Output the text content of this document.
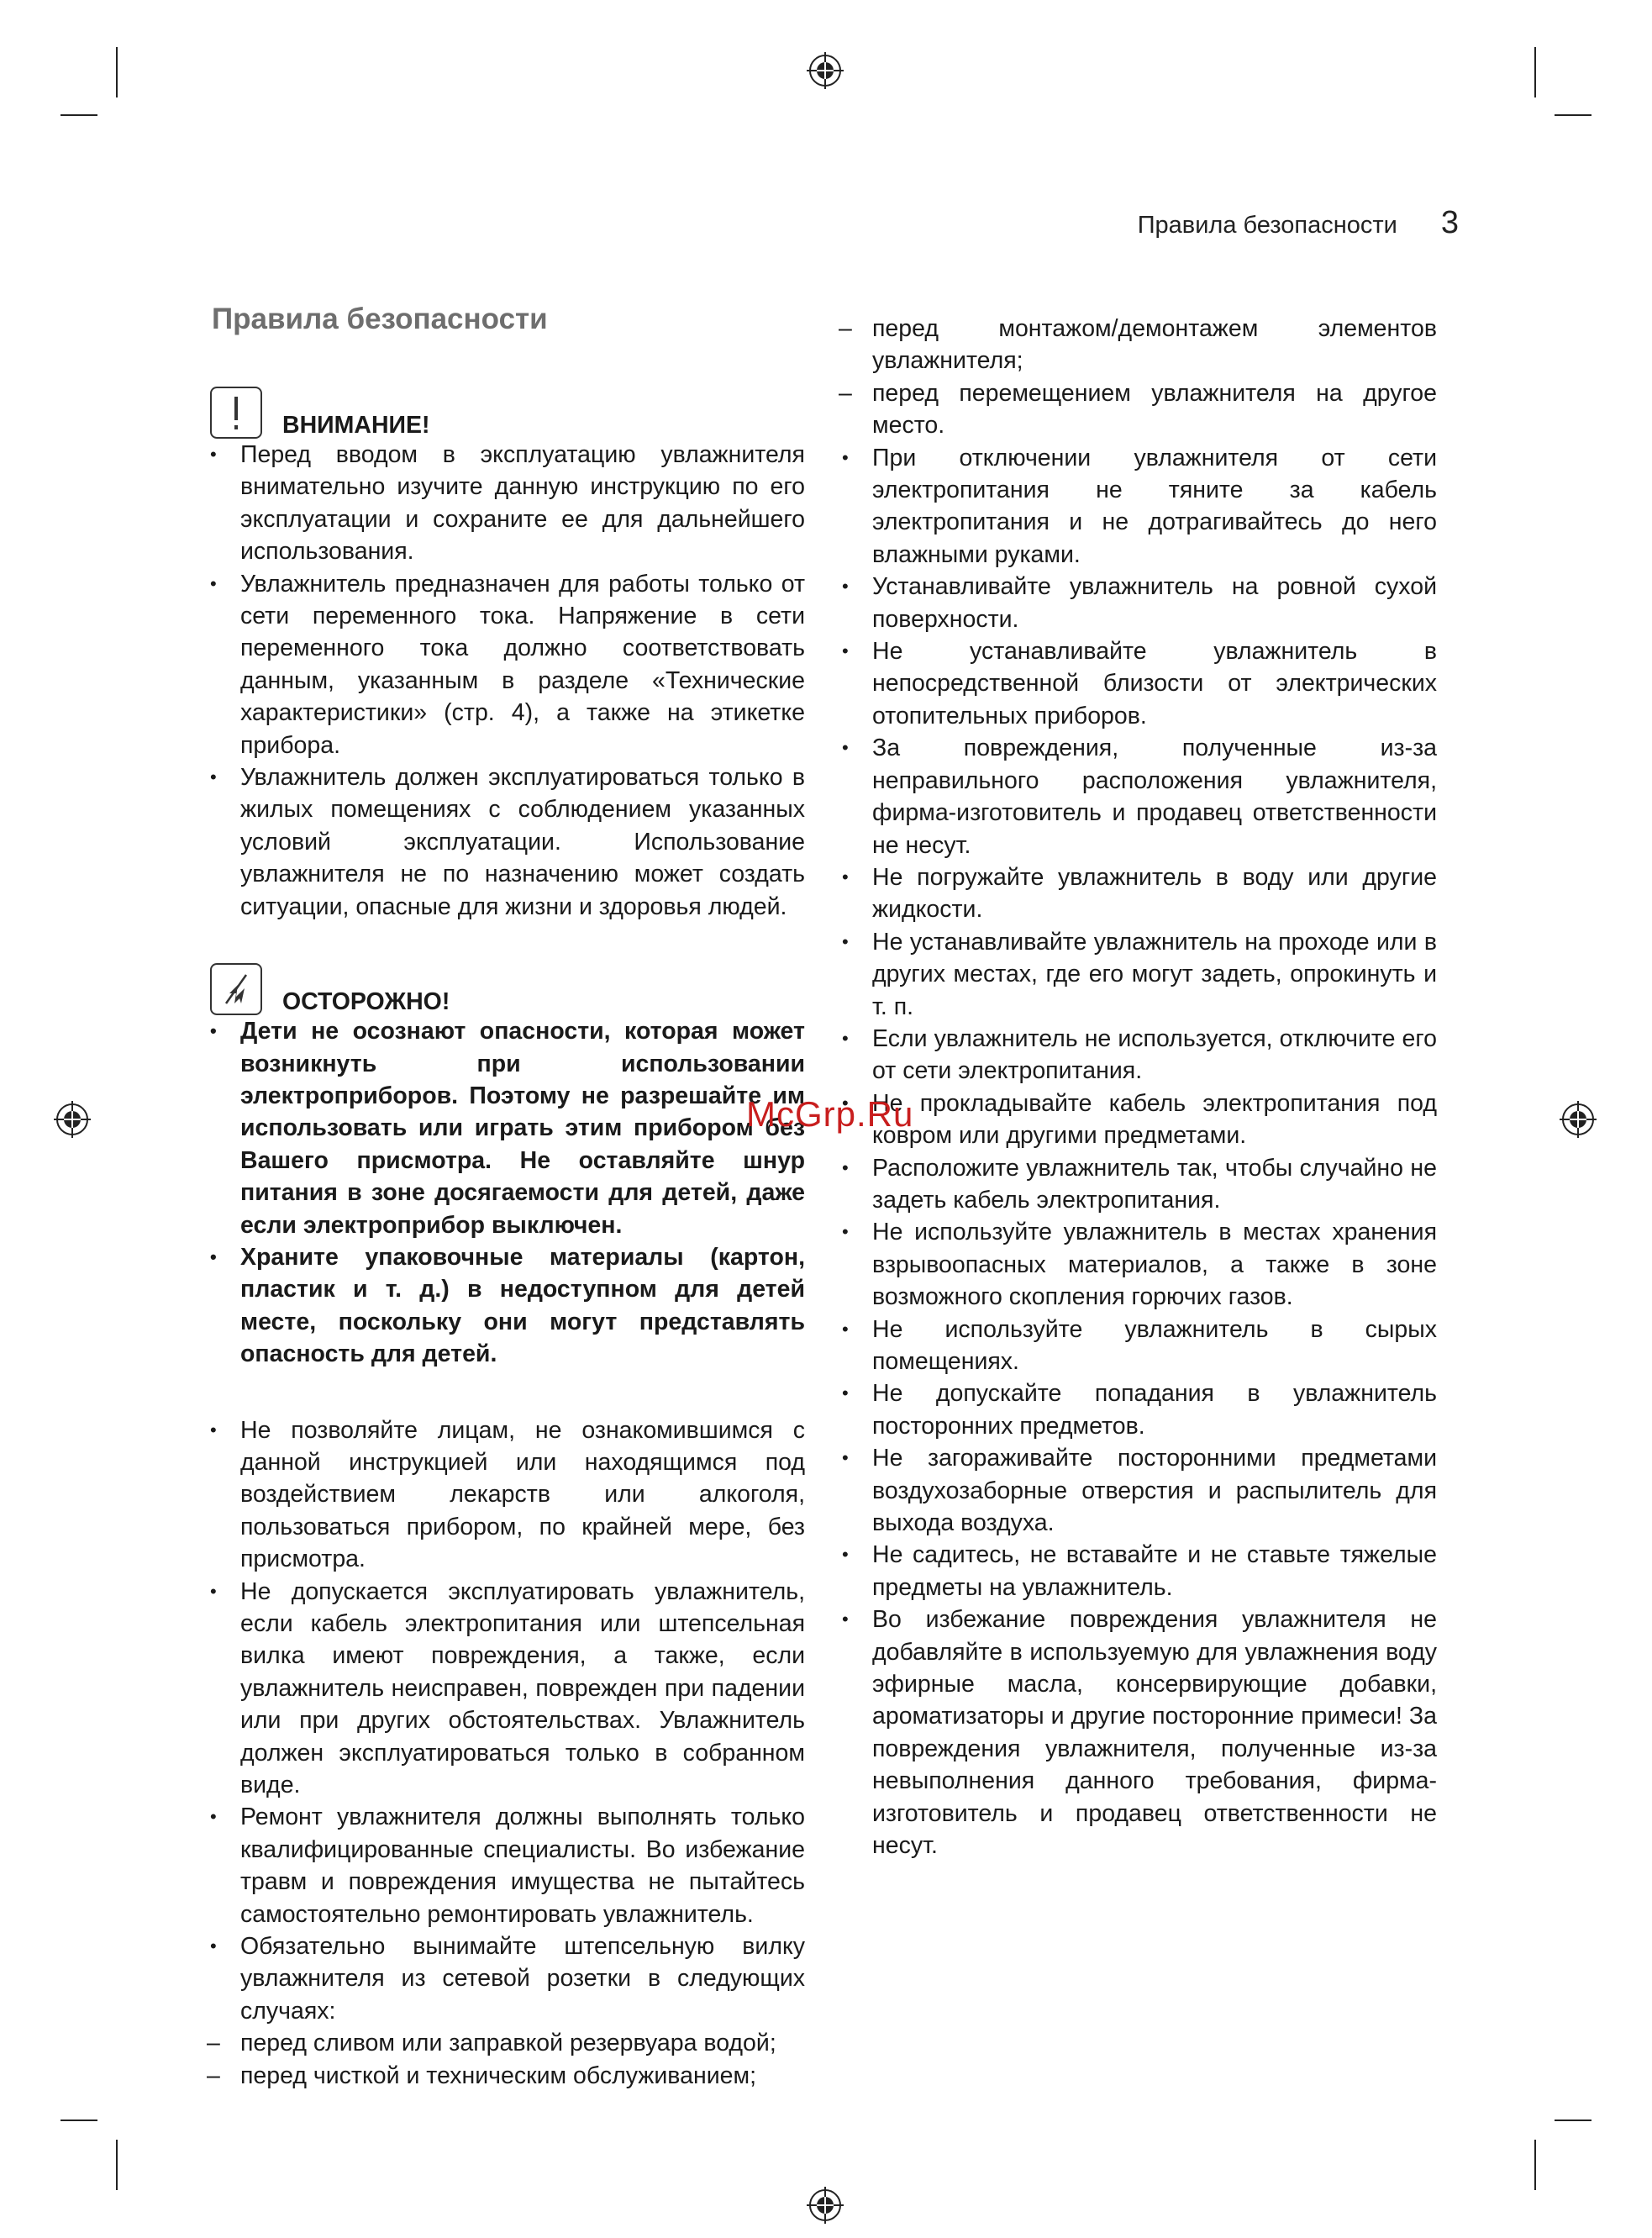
Правила безопасности 3
Правила безопасности
ВНИМАНИЕ!
• Перед вводом в эксплуатацию увлажнителя внимательно изучите данную инструкцию по его эксплуатации и сохраните ее для дальнейшего использования.
• Увлажнитель предназначен для работы только от сети переменного тока. Напряжение в сети переменного тока должно соответствовать данным, указанным в разделе «Технические характеристики» (стр. 4), а также на этикетке прибора.
• Увлажнитель должен эксплуатироваться только в жилых помещениях с соблюдением указанных условий эксплуатации. Использование увлажнителя не по назначению может создать ситуации, опасные для жизни и здоровья людей.
ОСТОРОЖНО!
• Дети не осознают опасности, которая может возникнуть при использовании электроприборов. Поэтому не разрешайте им использовать или играть этим прибором без Вашего присмотра. Не оставляйте шнур питания в зоне досягаемости для детей, даже если электроприбор выключен.
• Храните упаковочные материалы (картон, пластик и т. д.) в недоступном для детей месте, поскольку они могут представлять опасность для детей.
• Не позволяйте лицам, не ознакомившимся с данной инструкцией или находящимся под воздействием лекарств или алкоголя, пользоваться прибором, по крайней мере, без присмотра.
• Не допускается эксплуатировать увлажнитель, если кабель электропитания или штепсельная вилка имеют повреждения, а также, если увлажнитель неисправен, поврежден при падении или при других обстоятельствах. Увлажнитель должен эксплуатироваться только в собранном виде.
• Ремонт увлажнителя должны выполнять только квалифицированные специалисты. Во избежание травм и повреждения имущества не пытайтесь самостоятельно ремонтировать увлажнитель.
• Обязательно вынимайте штепсельную вилку увлажнителя из сетевой розетки в следующих случаях:
– перед сливом или заправкой резервуара водой;
– перед чисткой и техническим обслуживанием;
– перед монтажом/демонтажем элементов увлажнителя;
– перед перемещением увлажнителя на другое место.
• При отключении увлажнителя от сети электропитания не тяните за кабель электропитания и не дотрагивайтесь до него влажными руками.
• Устанавливайте увлажнитель на ровной сухой поверхности.
• Не устанавливайте увлажнитель в непосредственной близости от электрических отопительных приборов.
• За повреждения, полученные из-за неправильного расположения увлажнителя, фирма-изготовитель и продавец ответственности не несут.
• Не погружайте увлажнитель в воду или другие жидкости.
• Не устанавливайте увлажнитель на проходе или в других местах, где его могут задеть, опрокинуть и т. п.
• Если увлажнитель не используется, отключите его от сети электропитания.
• Не прокладывайте кабель электропитания под ковром или другими предметами.
• Расположите увлажнитель так, чтобы случайно не задеть кабель электропитания.
• Не используйте увлажнитель в местах хранения взрывоопасных материалов, а также в зоне возможного скопления горючих газов.
• Не используйте увлажнитель в сырых помещениях.
• Не допускайте попадания в увлажнитель посторонних предметов.
• Не загораживайте посторонними предметами воздухозаборные отверстия и распылитель для выхода воздуха.
• Не садитесь, не вставайте и не ставьте тяжелые предметы на увлажнитель.
• Во избежание повреждения увлажнителя не добавляйте в используемую для увлажнения воду эфирные масла, консервирующие добавки, ароматизаторы и другие посторонние примеси! За повреждения увлажнителя, полученные из-за невыполнения данного требования, фирма-изготовитель и продавец ответственности не несут.
McGrp.Ru
